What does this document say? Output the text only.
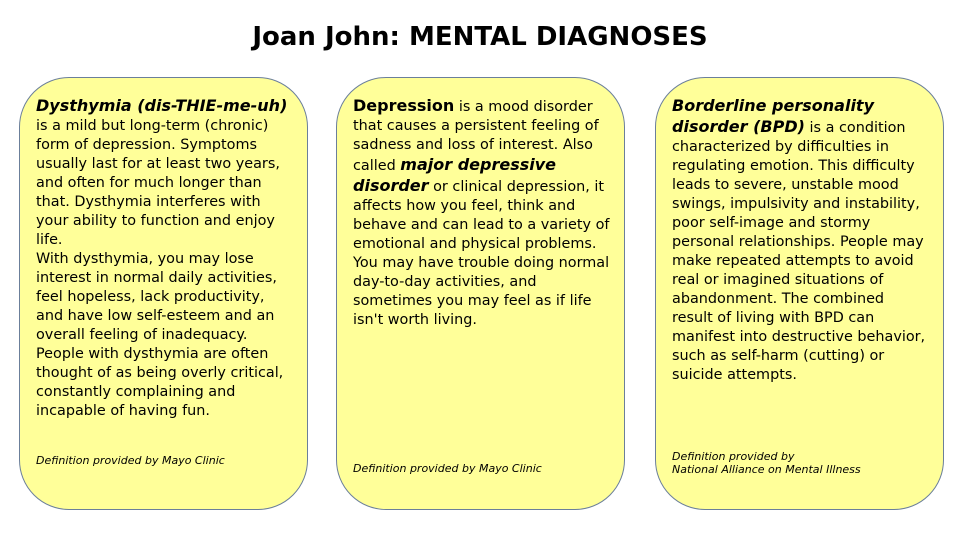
Joan John: MENTAL DIAGNOSES

Dysthymia (dis-THIE-me-uh)
is a mild but long-term (chronic) form of depression. Symptoms usually last for at least two years, and often for much longer than that. Dysthymia interferes with your ability to function and enjoy life.

With dysthymia, you may lose interest in normal daily activities, feel hopeless, lack productivity, and have low self-esteem and an overall feeling of inadequacy. People with dysthymia are often thought of as being overly critical, constantly complaining and incapable of having fun.

Definition provided by Mayo Clinic

Depression is a mood disorder that causes a persistent feeling of sadness and loss of interest. Also called major depressive disorder or clinical depression, it affects how you feel, think and behave and can lead to a variety of emotional and physical problems. You may have trouble doing normal day-to-day activities, and sometimes you may feel as if life isn't worth living.

Definition provided by Mayo Clinic

Borderline personality disorder (BPD) is a condition characterized by difficulties in regulating emotion. This difficulty leads to severe, unstable mood swings, impulsivity and instability, poor self-image and stormy personal relationships. People may make repeated attempts to avoid real or imagined situations of abandonment. The combined result of living with BPD can manifest into destructive behavior, such as self-harm (cutting) or suicide attempts.

Definition provided by
National Alliance on Mental Illness
